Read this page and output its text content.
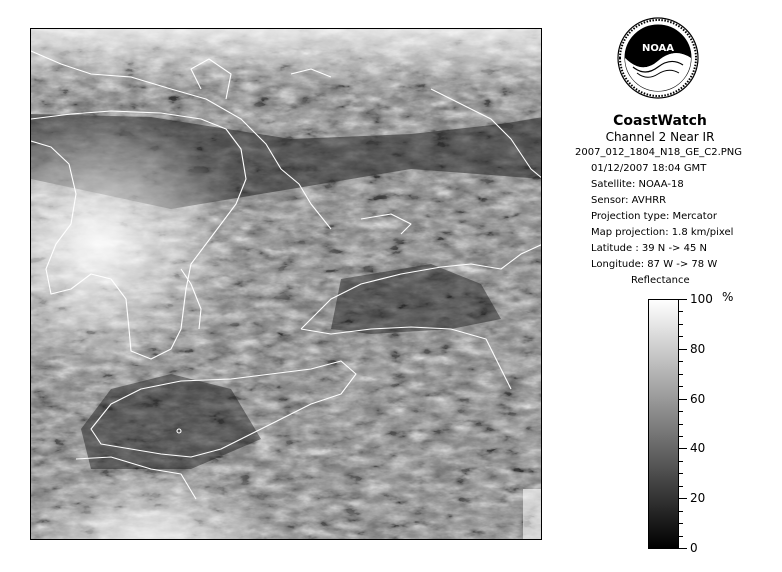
NOAA
CoastWatch
Channel 2 Near IR
2007_012_1804_N18_GE_C2.PNG
01/12/2007 18:04 GMT
Satellite: NOAA-18
Sensor: AVHRR
Projection type: Mercator
Map projection: 1.8 km/pixel
Latitude : 39 N -> 45 N
Longitude: 87 W -> 78 W
Reflectance
%
100
80
60
40
20
0
